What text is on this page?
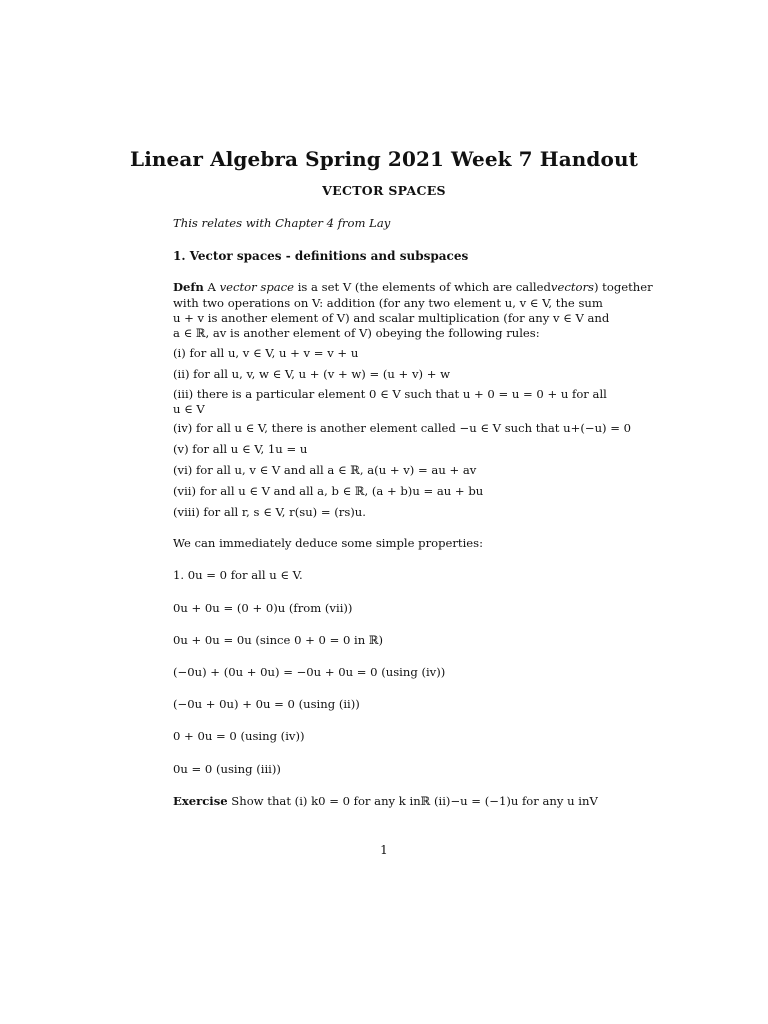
Linear Algebra Spring 2021 Week 7 Handout
VECTOR SPACES
This relates with Chapter 4 from Lay
1. Vector spaces - definitions and subspaces
Defn A vector space is a set V (the elements of which are calledvectors) together
with two operations on V: addition (for any two element u, v ∈ V, the sum
u + v is another element of V) and scalar multiplication (for any v ∈ V and
a ∈ ℝ, av is another element of V) obeying the following rules:
(i) for all u, v ∈ V, u + v = v + u
(ii) for all u, v, w ∈ V, u + (v + w) = (u + v) + w
(iii) there is a particular element 0 ∈ V such that u + 0 = u = 0 + u for all
u ∈ V
(iv) for all u ∈ V, there is another element called −u ∈ V such that u+(−u) = 0
(v) for all u ∈ V, 1u = u
(vi) for all u, v ∈ V and all a ∈ ℝ, a(u + v) = au + av
(vii) for all u ∈ V and all a, b ∈ ℝ, (a + b)u = au + bu
(viii) for all r, s ∈ V, r(su) = (rs)u.
We can immediately deduce some simple properties:
1. 0u = 0 for all u ∈ V.
0u + 0u = (0 + 0)u (from (vii))
0u + 0u = 0u (since 0 + 0 = 0 in ℝ)
(−0u) + (0u + 0u) = −0u + 0u = 0 (using (iv))
(−0u + 0u) + 0u = 0 (using (ii))
0 + 0u = 0 (using (iv))
0u = 0 (using (iii))
Exercise Show that (i) k0 = 0 for any k inℝ (ii)−u = (−1)u for any u inV
1
